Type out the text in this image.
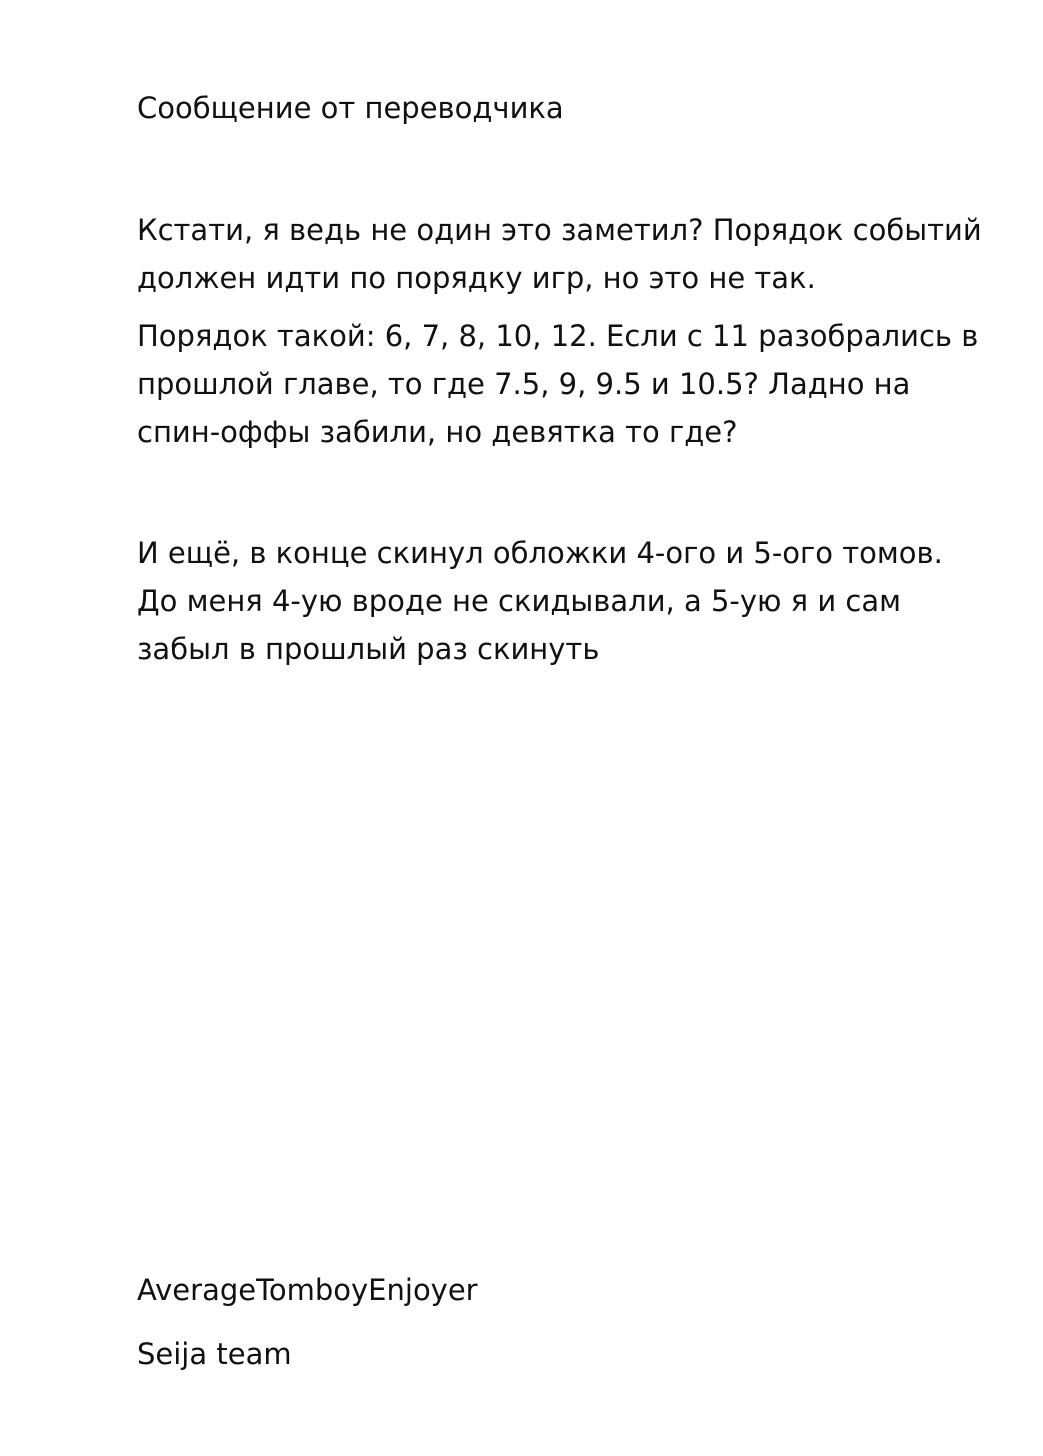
Сообщение от переводчика

Кстати, я ведь не один это заметил? Порядок событий
должен идти по порядку игр, но это не так.

Порядок такой: 6, 7, 8, 10, 12. Если с 11 разобрались в
прошлой главе, то где 7.5, 9, 9.5 и 10.5? Ладно на
спин-оффы забили, но девятка то где?

И ещё, в конце скинул обложки 4-ого и 5-ого томов.
До меня 4-ую вроде не скидывали, а 5-ую я и сам
забыл в прошлый раз скинуть

AverageTomboyEnjoyer

Seija team
